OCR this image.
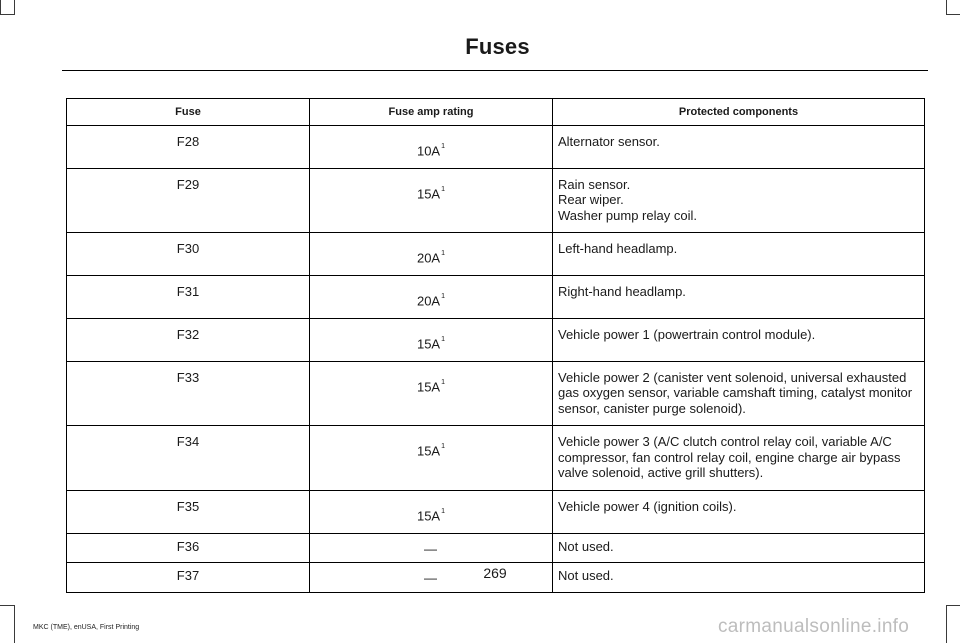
Fuses
Fuse	Fuse amp rating	Protected components
F28	$10A^1$	Alternator sensor.

F29	$15A^1$	Rain sensor.
Rear wiper.
Washer pump relay coil.

F30	$20A^1$	Left-hand headlamp.

F31	$20A^1$	Right-hand headlamp.

F32	$15A^1$	Vehicle power 1 (powertrain control module).

F33	$15A^1$	Vehicle power 2 (canister vent solenoid, universal exhausted
gas oxygen sensor, variable camshaft timing, catalyst monitor
sensor, canister purge solenoid).

F34	$15A^1$	Vehicle power 3 (A/C clutch control relay coil, variable A/C
compressor, fan control relay coil, engine charge air bypass
valve solenoid, active grill shutters).

F35	$15A^1$	Vehicle power 4 (ignition coils).

F36	—	Not used.

F37	—	Not used.
269
MKC (TME), enUSA, First Printing	carmanualsonline.info
